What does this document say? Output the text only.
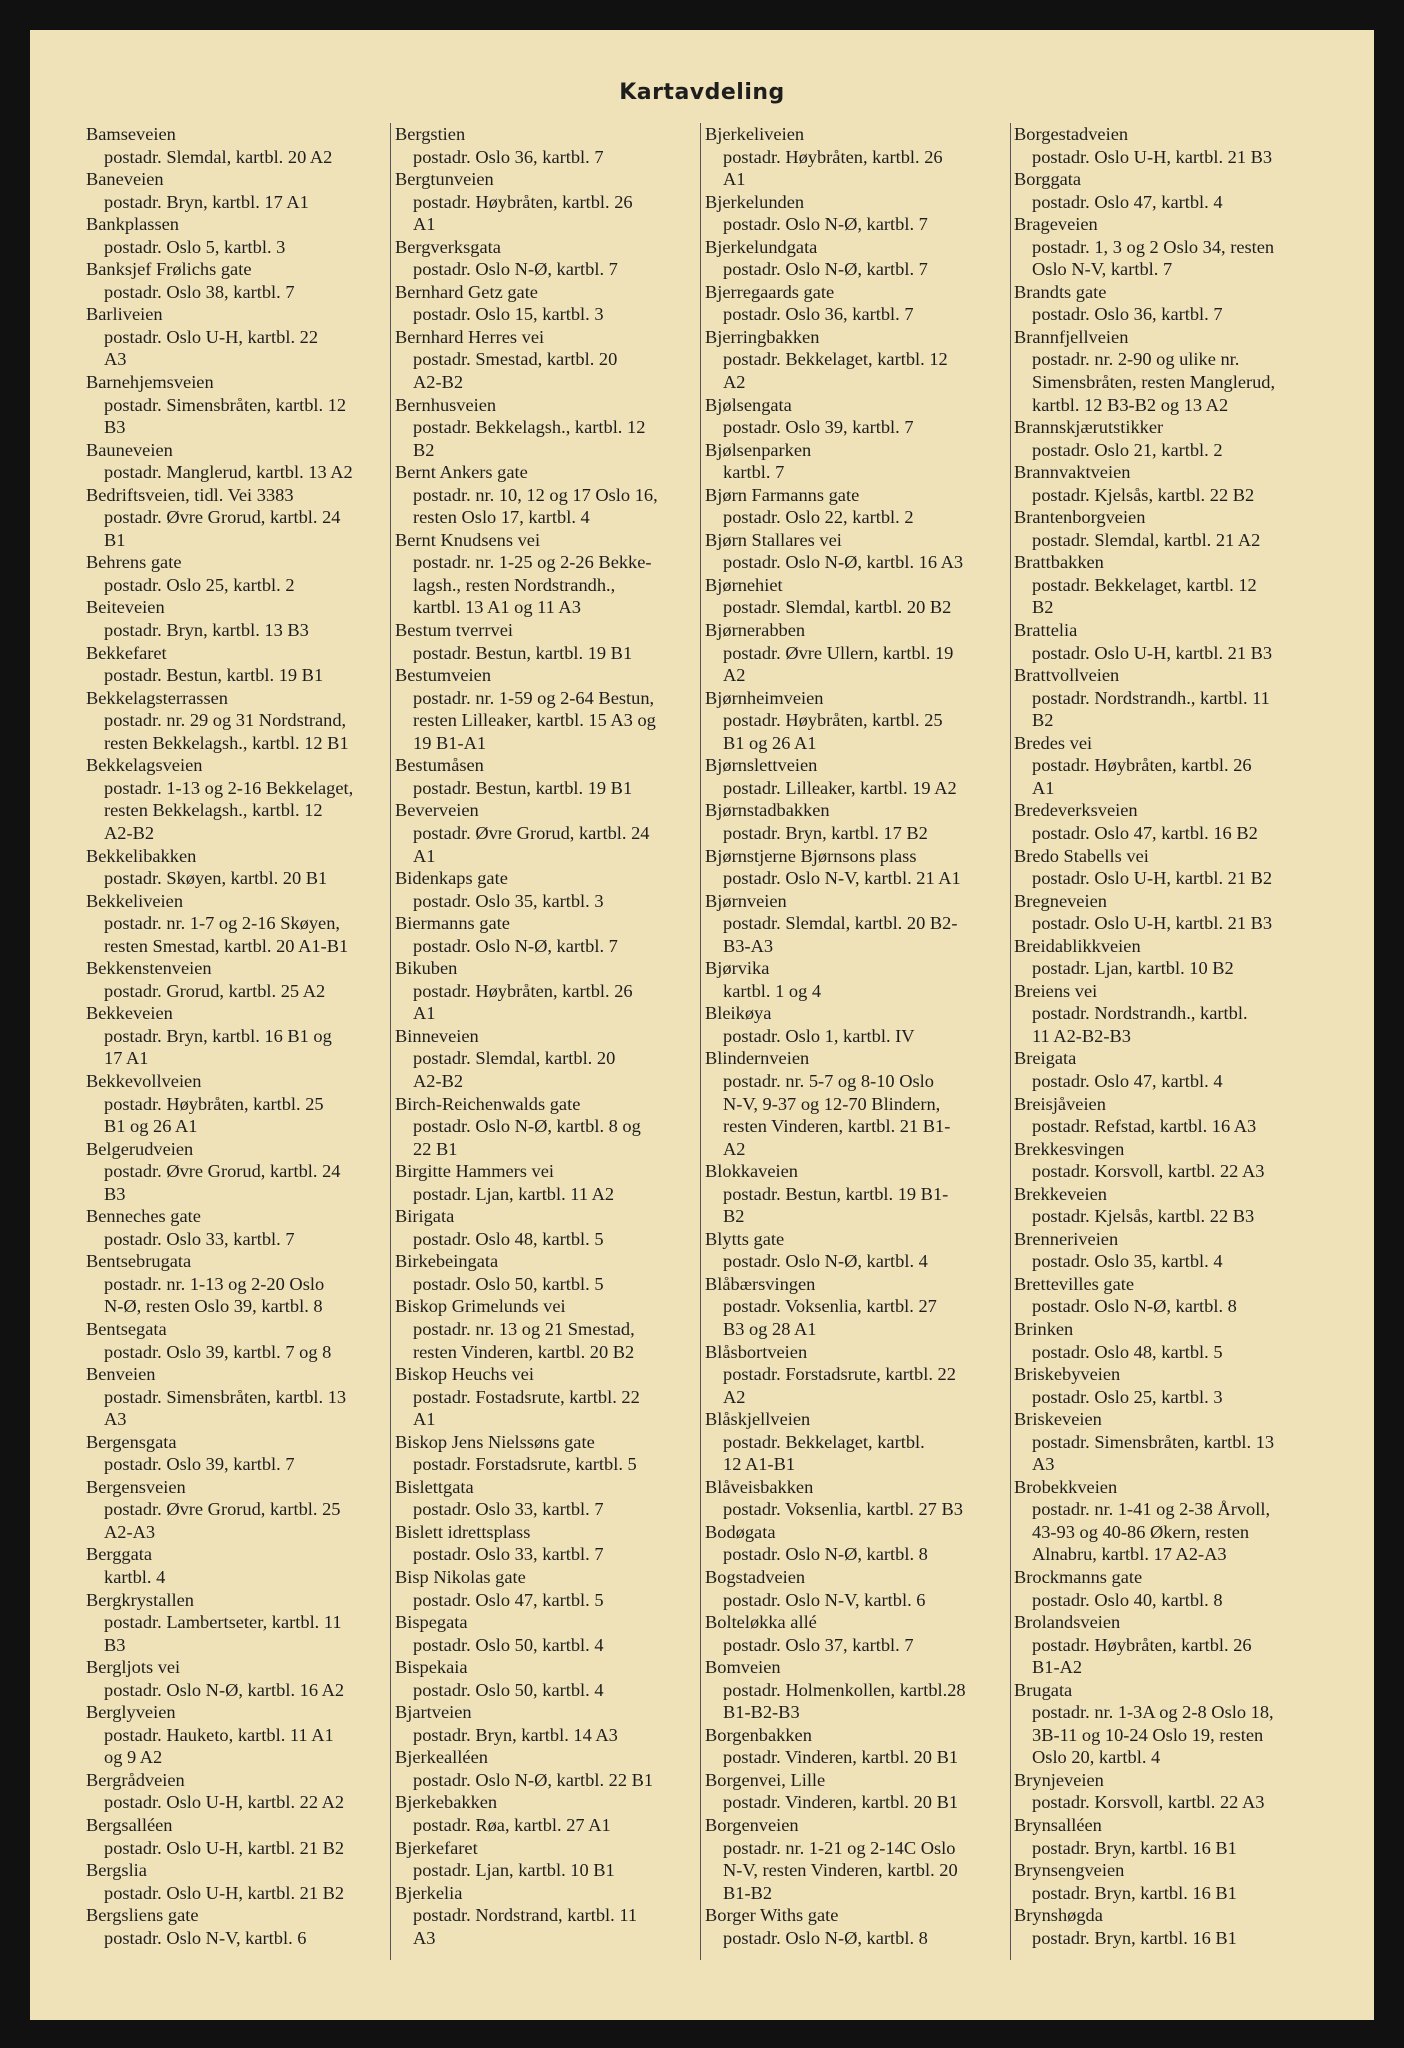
Kartavdeling
Bamseveien
postadr. Slemdal, kartbl. 20 A2
Baneveien
postadr. Bryn, kartbl. 17 A1
Bankplassen
postadr. Oslo 5, kartbl. 3
Banksjef Frølichs gate
postadr. Oslo 38, kartbl. 7
Barliveien
postadr. Oslo U-H, kartbl. 22
A3
Barnehjemsveien
postadr. Simensbråten, kartbl. 12
B3
Bauneveien
postadr. Manglerud, kartbl. 13 A2
Bedriftsveien, tidl. Vei 3383
postadr. Øvre Grorud, kartbl. 24
B1
Behrens gate
postadr. Oslo 25, kartbl. 2
Beiteveien
postadr. Bryn, kartbl. 13 B3
Bekkefaret
postadr. Bestun, kartbl. 19 B1
Bekkelagsterrassen
postadr. nr. 29 og 31 Nordstrand,
resten Bekkelagsh., kartbl. 12 B1
Bekkelagsveien
postadr. 1-13 og 2-16 Bekkelaget,
resten Bekkelagsh., kartbl. 12
A2-B2
Bekkelibakken
postadr. Skøyen, kartbl. 20 B1
Bekkeliveien
postadr. nr. 1-7 og 2-16 Skøyen,
resten Smestad, kartbl. 20 A1-B1
Bekkenstenveien
postadr. Grorud, kartbl. 25 A2
Bekkeveien
postadr. Bryn, kartbl. 16 B1 og
17 A1
Bekkevollveien
postadr. Høybråten, kartbl. 25
B1 og 26 A1
Belgerudveien
postadr. Øvre Grorud, kartbl. 24
B3
Benneches gate
postadr. Oslo 33, kartbl. 7
Bentsebrugata
postadr. nr. 1-13 og 2-20 Oslo
N-Ø, resten Oslo 39, kartbl. 8
Bentsegata
postadr. Oslo 39, kartbl. 7 og 8
Benveien
postadr. Simensbråten, kartbl. 13
A3
Bergensgata
postadr. Oslo 39, kartbl. 7
Bergensveien
postadr. Øvre Grorud, kartbl. 25
A2-A3
Berggata
kartbl. 4
Bergkrystallen
postadr. Lambertseter, kartbl. 11
B3
Bergljots vei
postadr. Oslo N-Ø, kartbl. 16 A2
Berglyveien
postadr. Hauketo, kartbl. 11 A1
og 9 A2
Bergrådveien
postadr. Oslo U-H, kartbl. 22 A2
Bergsalléen
postadr. Oslo U-H, kartbl. 21 B2
Bergslia
postadr. Oslo U-H, kartbl. 21 B2
Bergsliens gate
postadr. Oslo N-V, kartbl. 6
Bergstien
postadr. Oslo 36, kartbl. 7
Bergtunveien
postadr. Høybråten, kartbl. 26
A1
Bergverksgata
postadr. Oslo N-Ø, kartbl. 7
Bernhard Getz gate
postadr. Oslo 15, kartbl. 3
Bernhard Herres vei
postadr. Smestad, kartbl. 20
A2-B2
Bernhusveien
postadr. Bekkelagsh., kartbl. 12
B2
Bernt Ankers gate
postadr. nr. 10, 12 og 17 Oslo 16,
resten Oslo 17, kartbl. 4
Bernt Knudsens vei
postadr. nr. 1-25 og 2-26 Bekke-
lagsh., resten Nordstrandh.,
kartbl. 13 A1 og 11 A3
Bestum tverrvei
postadr. Bestun, kartbl. 19 B1
Bestumveien
postadr. nr. 1-59 og 2-64 Bestun,
resten Lilleaker, kartbl. 15 A3 og
19 B1-A1
Bestumåsen
postadr. Bestun, kartbl. 19 B1
Beverveien
postadr. Øvre Grorud, kartbl. 24
A1
Bidenkaps gate
postadr. Oslo 35, kartbl. 3
Biermanns gate
postadr. Oslo N-Ø, kartbl. 7
Bikuben
postadr. Høybråten, kartbl. 26
A1
Binneveien
postadr. Slemdal, kartbl. 20
A2-B2
Birch-Reichenwalds gate
postadr. Oslo N-Ø, kartbl. 8 og
22 B1
Birgitte Hammers vei
postadr. Ljan, kartbl. 11 A2
Birigata
postadr. Oslo 48, kartbl. 5
Birkebeingata
postadr. Oslo 50, kartbl. 5
Biskop Grimelunds vei
postadr. nr. 13 og 21 Smestad,
resten Vinderen, kartbl. 20 B2
Biskop Heuchs vei
postadr. Fostadsrute, kartbl. 22
A1
Biskop Jens Nielssøns gate
postadr. Forstadsrute, kartbl. 5
Bislettgata
postadr. Oslo 33, kartbl. 7
Bislett idrettsplass
postadr. Oslo 33, kartbl. 7
Bisp Nikolas gate
postadr. Oslo 47, kartbl. 5
Bispegata
postadr. Oslo 50, kartbl. 4
Bispekaia
postadr. Oslo 50, kartbl. 4
Bjartveien
postadr. Bryn, kartbl. 14 A3
Bjerkealléen
postadr. Oslo N-Ø, kartbl. 22 B1
Bjerkebakken
postadr. Røa, kartbl. 27 A1
Bjerkefaret
postadr. Ljan, kartbl. 10 B1
Bjerkelia
postadr. Nordstrand, kartbl. 11
A3
Bjerkeliveien
postadr. Høybråten, kartbl. 26
A1
Bjerkelunden
postadr. Oslo N-Ø, kartbl. 7
Bjerkelundgata
postadr. Oslo N-Ø, kartbl. 7
Bjerregaards gate
postadr. Oslo 36, kartbl. 7
Bjerringbakken
postadr. Bekkelaget, kartbl. 12
A2
Bjølsengata
postadr. Oslo 39, kartbl. 7
Bjølsenparken
kartbl. 7
Bjørn Farmanns gate
postadr. Oslo 22, kartbl. 2
Bjørn Stallares vei
postadr. Oslo N-Ø, kartbl. 16 A3
Bjørnehiet
postadr. Slemdal, kartbl. 20 B2
Bjørnerabben
postadr. Øvre Ullern, kartbl. 19
A2
Bjørnheimveien
postadr. Høybråten, kartbl. 25
B1 og 26 A1
Bjørnslettveien
postadr. Lilleaker, kartbl. 19 A2
Bjørnstadbakken
postadr. Bryn, kartbl. 17 B2
Bjørnstjerne Bjørnsons plass
postadr. Oslo N-V, kartbl. 21 A1
Bjørnveien
postadr. Slemdal, kartbl. 20 B2-
B3-A3
Bjørvika
kartbl. 1 og 4
Bleikøya
postadr. Oslo 1, kartbl. IV
Blindernveien
postadr. nr. 5-7 og 8-10 Oslo
N-V, 9-37 og 12-70 Blindern,
resten Vinderen, kartbl. 21 B1-
A2
Blokkaveien
postadr. Bestun, kartbl. 19 B1-
B2
Blytts gate
postadr. Oslo N-Ø, kartbl. 4
Blåbærsvingen
postadr. Voksenlia, kartbl. 27
B3 og 28 A1
Blåsbortveien
postadr. Forstadsrute, kartbl. 22
A2
Blåskjellveien
postadr. Bekkelaget, kartbl.
12 A1-B1
Blåveisbakken
postadr. Voksenlia, kartbl. 27 B3
Bodøgata
postadr. Oslo N-Ø, kartbl. 8
Bogstadveien
postadr. Oslo N-V, kartbl. 6
Bolteløkka allé
postadr. Oslo 37, kartbl. 7
Bomveien
postadr. Holmenkollen, kartbl.28
B1-B2-B3
Borgenbakken
postadr. Vinderen, kartbl. 20 B1
Borgenvei, Lille
postadr. Vinderen, kartbl. 20 B1
Borgenveien
postadr. nr. 1-21 og 2-14C Oslo
N-V, resten Vinderen, kartbl. 20
B1-B2
Borger Withs gate
postadr. Oslo N-Ø, kartbl. 8
Borgestadveien
postadr. Oslo U-H, kartbl. 21 B3
Borggata
postadr. Oslo 47, kartbl. 4
Brageveien
postadr. 1, 3 og 2 Oslo 34, resten
Oslo N-V, kartbl. 7
Brandts gate
postadr. Oslo 36, kartbl. 7
Brannfjellveien
postadr. nr. 2-90 og ulike nr.
Simensbråten, resten Manglerud,
kartbl. 12 B3-B2 og 13 A2
Brannskjærutstikker
postadr. Oslo 21, kartbl. 2
Brannvaktveien
postadr. Kjelsås, kartbl. 22 B2
Brantenborgveien
postadr. Slemdal, kartbl. 21 A2
Brattbakken
postadr. Bekkelaget, kartbl. 12
B2
Brattelia
postadr. Oslo U-H, kartbl. 21 B3
Brattvollveien
postadr. Nordstrandh., kartbl. 11
B2
Bredes vei
postadr. Høybråten, kartbl. 26
A1
Bredeverksveien
postadr. Oslo 47, kartbl. 16 B2
Bredo Stabells vei
postadr. Oslo U-H, kartbl. 21 B2
Bregneveien
postadr. Oslo U-H, kartbl. 21 B3
Breidablikkveien
postadr. Ljan, kartbl. 10 B2
Breiens vei
postadr. Nordstrandh., kartbl.
11 A2-B2-B3
Breigata
postadr. Oslo 47, kartbl. 4
Breisjåveien
postadr. Refstad, kartbl. 16 A3
Brekkesvingen
postadr. Korsvoll, kartbl. 22 A3
Brekkeveien
postadr. Kjelsås, kartbl. 22 B3
Brenneriveien
postadr. Oslo 35, kartbl. 4
Brettevilles gate
postadr. Oslo N-Ø, kartbl. 8
Brinken
postadr. Oslo 48, kartbl. 5
Briskebyveien
postadr. Oslo 25, kartbl. 3
Briskeveien
postadr. Simensbråten, kartbl. 13
A3
Brobekkveien
postadr. nr. 1-41 og 2-38 Årvoll,
43-93 og 40-86 Økern, resten
Alnabru, kartbl. 17 A2-A3
Brockmanns gate
postadr. Oslo 40, kartbl. 8
Brolandsveien
postadr. Høybråten, kartbl. 26
B1-A2
Brugata
postadr. nr. 1-3A og 2-8 Oslo 18,
3B-11 og 10-24 Oslo 19, resten
Oslo 20, kartbl. 4
Brynjeveien
postadr. Korsvoll, kartbl. 22 A3
Brynsalléen
postadr. Bryn, kartbl. 16 B1
Brynsengveien
postadr. Bryn, kartbl. 16 B1
Brynshøgda
postadr. Bryn, kartbl. 16 B1
